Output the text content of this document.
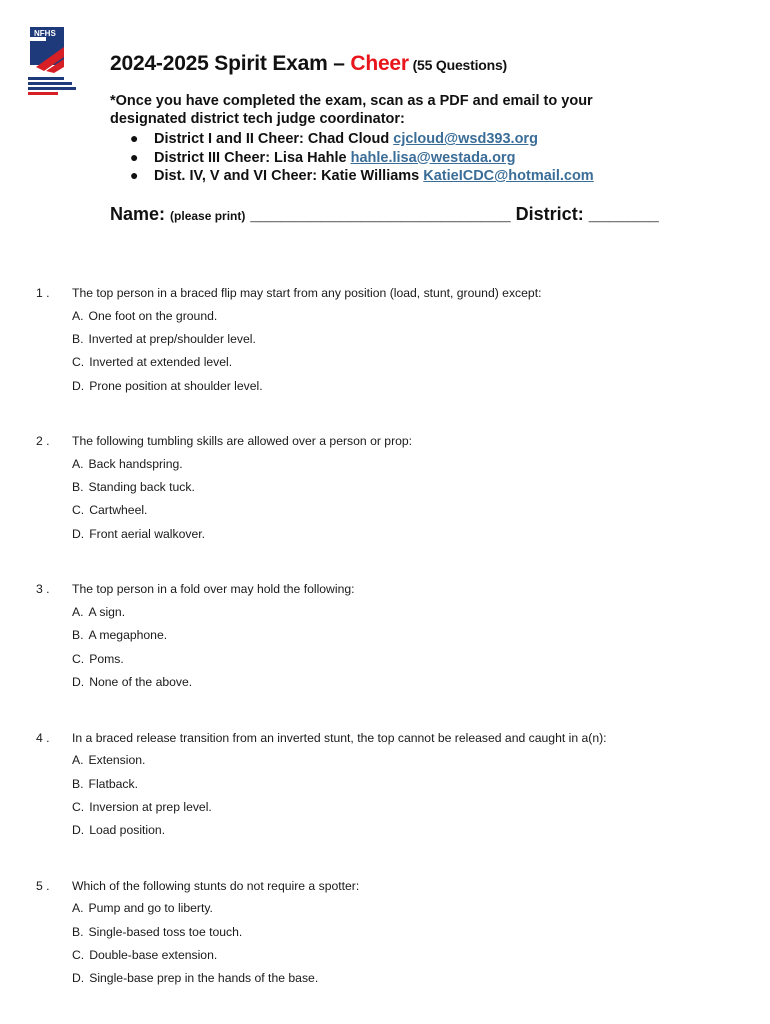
NFHS
2024-2025 Spirit Exam – Cheer (55 Questions)
*Once you have completed the exam, scan as a PDF and email to your
designated district tech judge coordinator:
●	District I and II Cheer: Chad Cloud cjcloud@wsd393.org
●	District III Cheer: Lisa Hahle hahle.lisa@westada.org
●	Dist. IV, V and VI Cheer: Katie Williams KatieICDC@hotmail.com
Name: (please print) __________________________ District: _______
1 .	The top person in a braced flip may start from any position (load, stunt, ground) except:
A. One foot on the ground.
B. Inverted at prep/shoulder level.
C. Inverted at extended level.
D. Prone position at shoulder level.
2 .	The following tumbling skills are allowed over a person or prop:
A. Back handspring.
B. Standing back tuck.
C. Cartwheel.
D. Front aerial walkover.
3 .	The top person in a fold over may hold the following:
A. A sign.
B. A megaphone.
C. Poms.
D. None of the above.
4 .	In a braced release transition from an inverted stunt, the top cannot be released and caught in a(n):
A. Extension.
B. Flatback.
C. Inversion at prep level.
D. Load position.
5 .	Which of the following stunts do not require a spotter:
A. Pump and go to liberty.
B. Single-based toss toe touch.
C. Double-base extension.
D. Single-base prep in the hands of the base.
